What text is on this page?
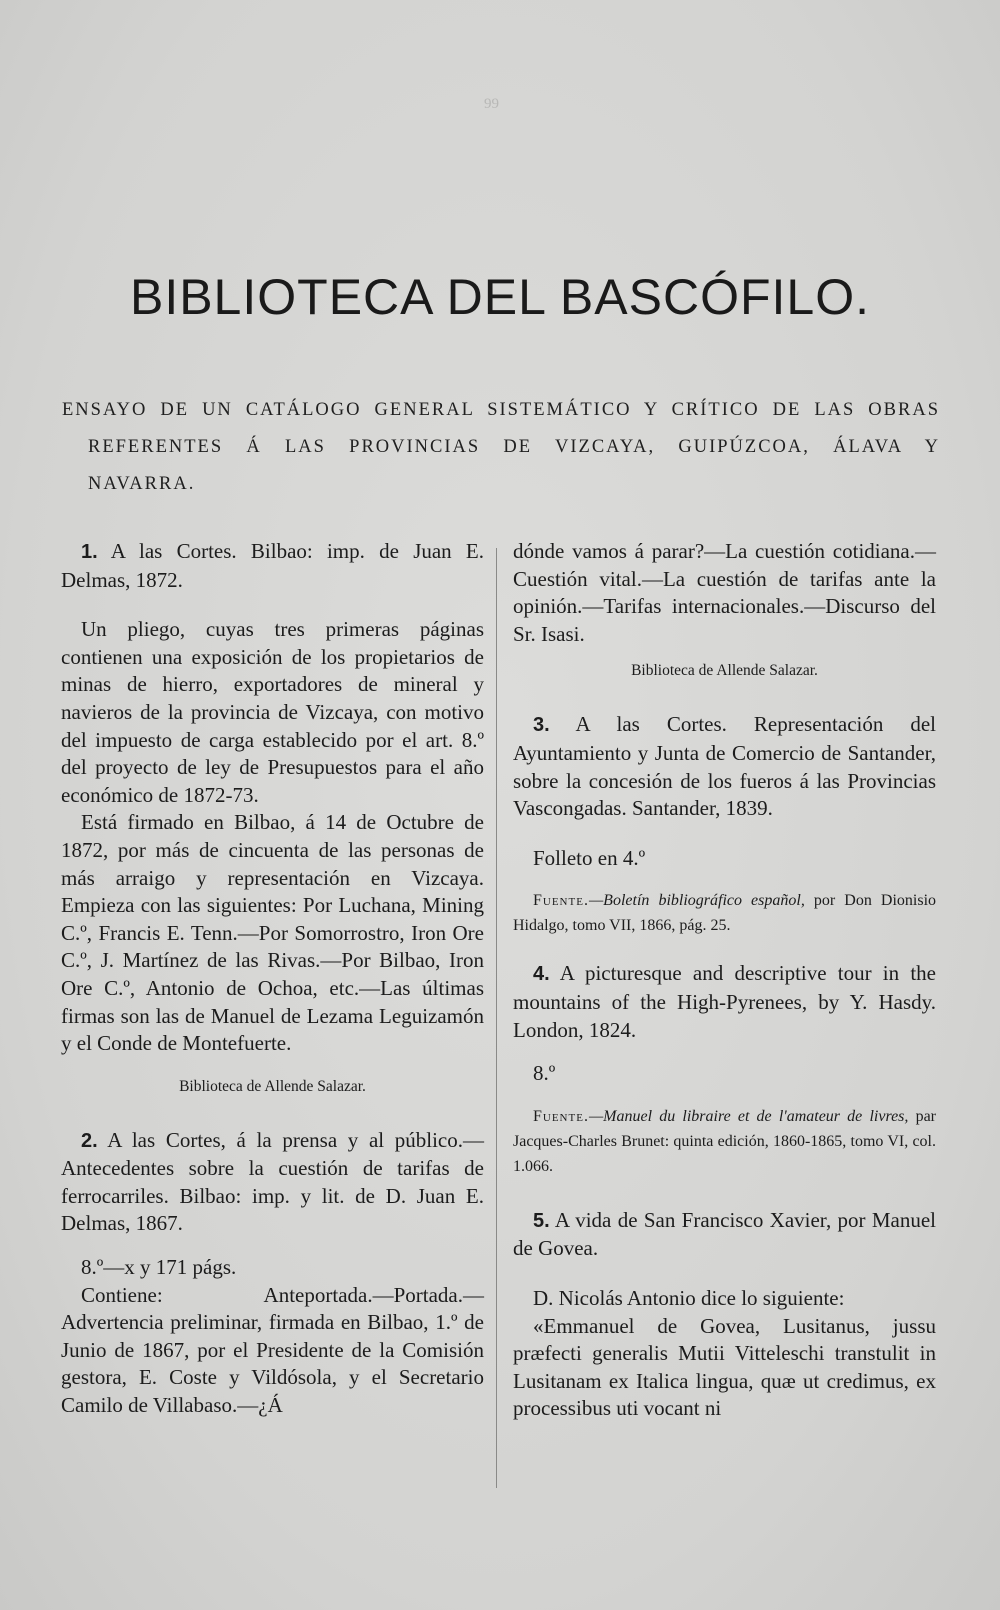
99
BIBLIOTECA DEL BASCÓFILO.
ENSAYO DE UN CATÁLOGO GENERAL SISTEMÁTICO Y CRÍTICO DE LAS OBRAS
REFERENTES Á LAS PROVINCIAS DE VIZCAYA, GUIPÚZCOA, ÁLAVA Y
NAVARRA.

1. A las Cortes. Bilbao: imp. de Juan E. Delmas, 1872.

Un pliego, cuyas tres primeras páginas contienen una exposición de los propietarios de minas de hierro, exportadores de mineral y navieros de la provincia de Vizcaya, con motivo del impuesto de carga establecido por el art. 8.º del proyecto de ley de Presupuestos para el año económico de 1872-73.

Está firmado en Bilbao, á 14 de Octubre de 1872, por más de cincuenta de las personas de más arraigo y representación en Vizcaya. Empieza con las siguientes: Por Luchana, Mining C.º, Francis E. Tenn.—Por Somorrostro, Iron Ore C.º, J. Martínez de las Rivas.—Por Bilbao, Iron Ore C.º, Antonio de Ochoa, etc.—Las últimas firmas son las de Manuel de Lezama Leguizamón y el Conde de Montefuerte.

Biblioteca de Allende Salazar.

2. A las Cortes, á la prensa y al público.—Antecedentes sobre la cuestión de tarifas de ferrocarriles. Bilbao: imp. y lit. de D. Juan E. Delmas, 1867.

8.º—x y 171 págs.

Contiene: Anteportada.—Portada.—Advertencia preliminar, firmada en Bilbao, 1.º de Junio de 1867, por el Presidente de la Comisión gestora, E. Coste y Vildósola, y el Secretario Camilo de Villabaso.—¿Á

dónde vamos á parar?—La cuestión cotidiana.—Cuestión vital.—La cuestión de tarifas ante la opinión.—Tarifas internacionales.—Discurso del Sr. Isasi.

Biblioteca de Allende Salazar.

3. A las Cortes. Representación del Ayuntamiento y Junta de Comercio de Santander, sobre la concesión de los fueros á las Provincias Vascongadas. Santander, 1839.

Folleto en 4.º

Fuente.—Boletín bibliográfico español, por Don Dionisio Hidalgo, tomo VII, 1866, pág. 25.

4. A picturesque and descriptive tour in the mountains of the High-Pyrenees, by Y. Hasdy. London, 1824.

8.º

Fuente.—Manuel du libraire et de l'amateur de livres, par Jacques-Charles Brunet: quinta edición, 1860-1865, tomo VI, col. 1.066.

5. A vida de San Francisco Xavier, por Manuel de Govea.

D. Nicolás Antonio dice lo siguiente:

«Emmanuel de Govea, Lusitanus, jussu præfecti generalis Mutii Vitteleschi transtulit in Lusitanam ex Italica lingua, quæ ut credimus, ex processibus uti vocant ni
